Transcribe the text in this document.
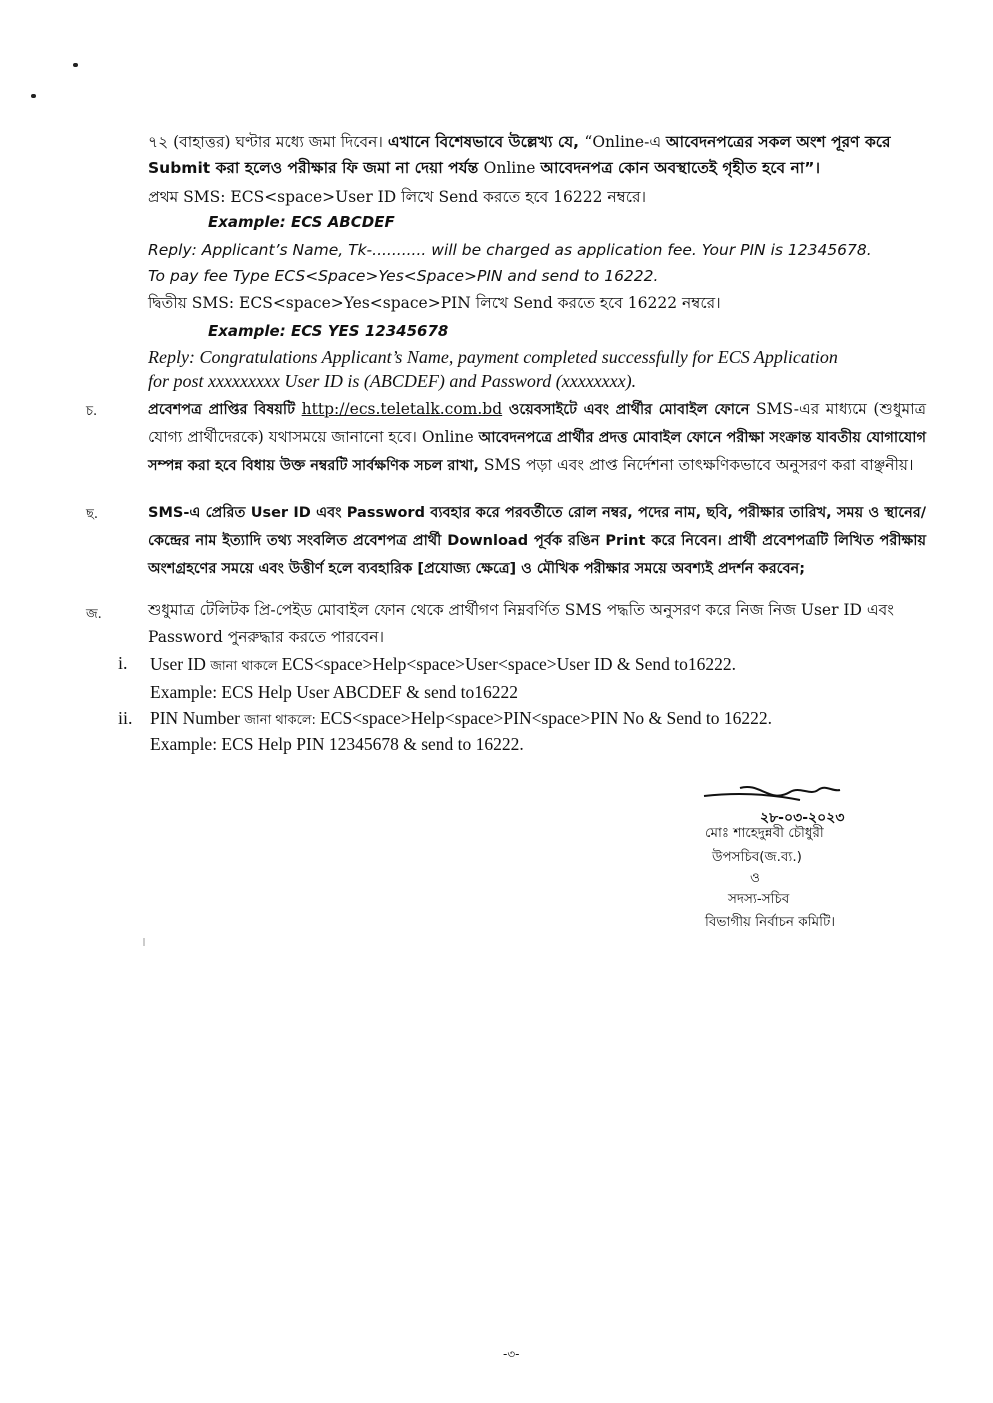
৭২ (বাহাত্তর) ঘণ্টার মধ্যে জমা দিবেন। এখানে বিশেষভাবে উল্লেখ্য যে, “Online-এ আবেদনপত্রের সকল অংশ পূরণ করে
Submit করা হলেও পরীক্ষার ফি জমা না দেয়া পর্যন্ত Online আবেদনপত্র কোন অবস্থাতেই গৃহীত হবে না”।
প্রথম SMS: ECS<space>User ID লিখে Send করতে হবে 16222 নম্বরে।
Example: ECS ABCDEF
Reply: Applicant’s Name, Tk-........... will be charged as application fee. Your PIN is 12345678.
To pay fee Type ECS<Space>Yes<Space>PIN and send to 16222.
দ্বিতীয় SMS: ECS<space>Yes<space>PIN লিখে Send করতে হবে 16222 নম্বরে।
Example: ECS YES 12345678
Reply: Congratulations Applicant’s Name, payment completed successfully for ECS Application
for post xxxxxxxxx User ID is (ABCDEF) and Password (xxxxxxxx).
চ.	প্রবেশপত্র প্রাপ্তির বিষয়টি http://ecs.teletalk.com.bd ওয়েবসাইটে এবং প্রার্থীর মোবাইল ফোনে SMS-এর মাধ্যমে (শুধুমাত্র যোগ্য প্রার্থীদেরকে) যথাসময়ে জানানো হবে। Online আবেদনপত্রে প্রার্থীর প্রদত্ত মোবাইল ফোনে পরীক্ষা সংক্রান্ত যাবতীয় যোগাযোগ সম্পন্ন করা হবে বিধায় উক্ত নম্বরটি সার্বক্ষণিক সচল রাখা, SMS পড়া এবং প্রাপ্ত নির্দেশনা তাৎক্ষণিকভাবে অনুসরণ করা বাঞ্ছনীয়।
ছ.	SMS-এ প্রেরিত User ID এবং Password ব্যবহার করে পরবর্তীতে রোল নম্বর, পদের নাম, ছবি, পরীক্ষার তারিখ, সময় ও স্থানের/কেন্দ্রের নাম ইত্যাদি তথ্য সংবলিত প্রবেশপত্র প্রার্থী Download পূর্বক রঙিন Print করে নিবেন। প্রার্থী প্রবেশপত্রটি লিখিত পরীক্ষায় অংশগ্রহণের সময়ে এবং উত্তীর্ণ হলে ব্যবহারিক [প্রযোজ্য ক্ষেত্রে] ও মৌখিক পরীক্ষার সময়ে অবশ্যই প্রদর্শন করবেন;
জ.	শুধুমাত্র টেলিটক প্রি-পেইড মোবাইল ফোন থেকে প্রার্থীগণ নিম্নবর্ণিত SMS পদ্ধতি অনুসরণ করে নিজ নিজ User ID এবং
Password পুনরুদ্ধার করতে পারবেন।
i. User ID জানা থাকলে ECS<space>Help<space>User<space>User ID & Send to16222.
Example: ECS Help User ABCDEF & send to16222
ii. PIN Number জানা থাকলে: ECS<space>Help<space>PIN<space>PIN No & Send to 16222.
Example: ECS Help PIN 12345678 & send to 16222.
২৮-০৩-২০২৩
মোঃ শাহেদুন্নবী চৌধুরী
উপসচিব(জ.ব্য.)
ও
সদস্য-সচিব
বিভাগীয় নির্বাচন কমিটি।
-৩-
